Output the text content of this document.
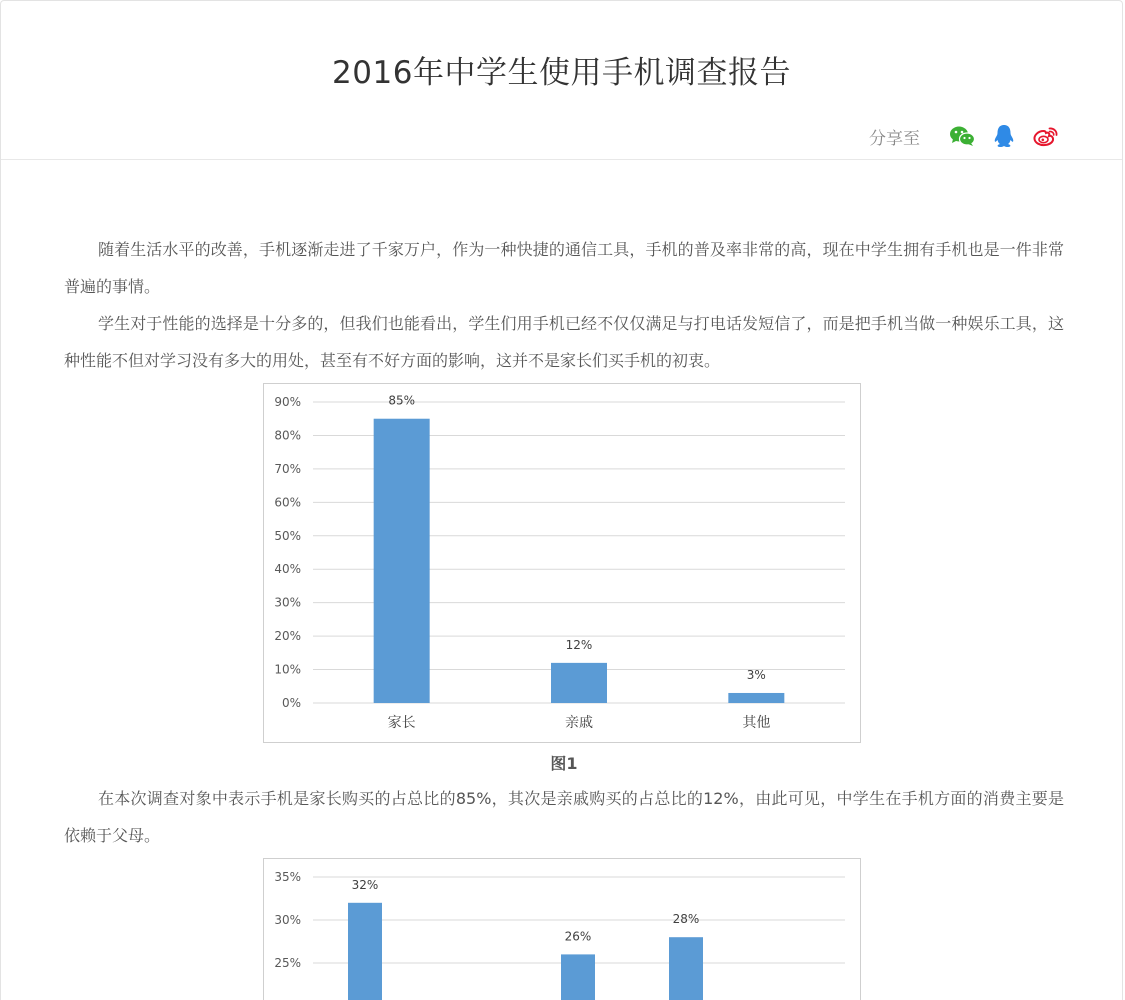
2016年中学生使用手机调查报告
分享至

随着生活水平的改善，手机逐渐走进了千家万户，作为一种快捷的通信工具，手机的普及率非常的高，现在中学生拥有手机也是一件非常普遍的事情。

学生对于性能的选择是十分多的，但我们也能看出，学生们用手机已经不仅仅满足与打电话发短信了，而是把手机当做一种娱乐工具，这种性能不但对学习没有多大的用处，甚至有不好方面的影响，这并不是家长们买手机的初衷。

0%
10%
20%
30%
40%
50%
60%
70%
80%
90%	85%
家长
12%
亲戚
3%
其他
图1

在本次调查对象中表示手机是家长购买的占总比的85%，其次是亲戚购买的占总比的12%，由此可见，中学生在手机方面的消费主要是依赖于父母。

35%
30%
25%
32%
26%
28%
